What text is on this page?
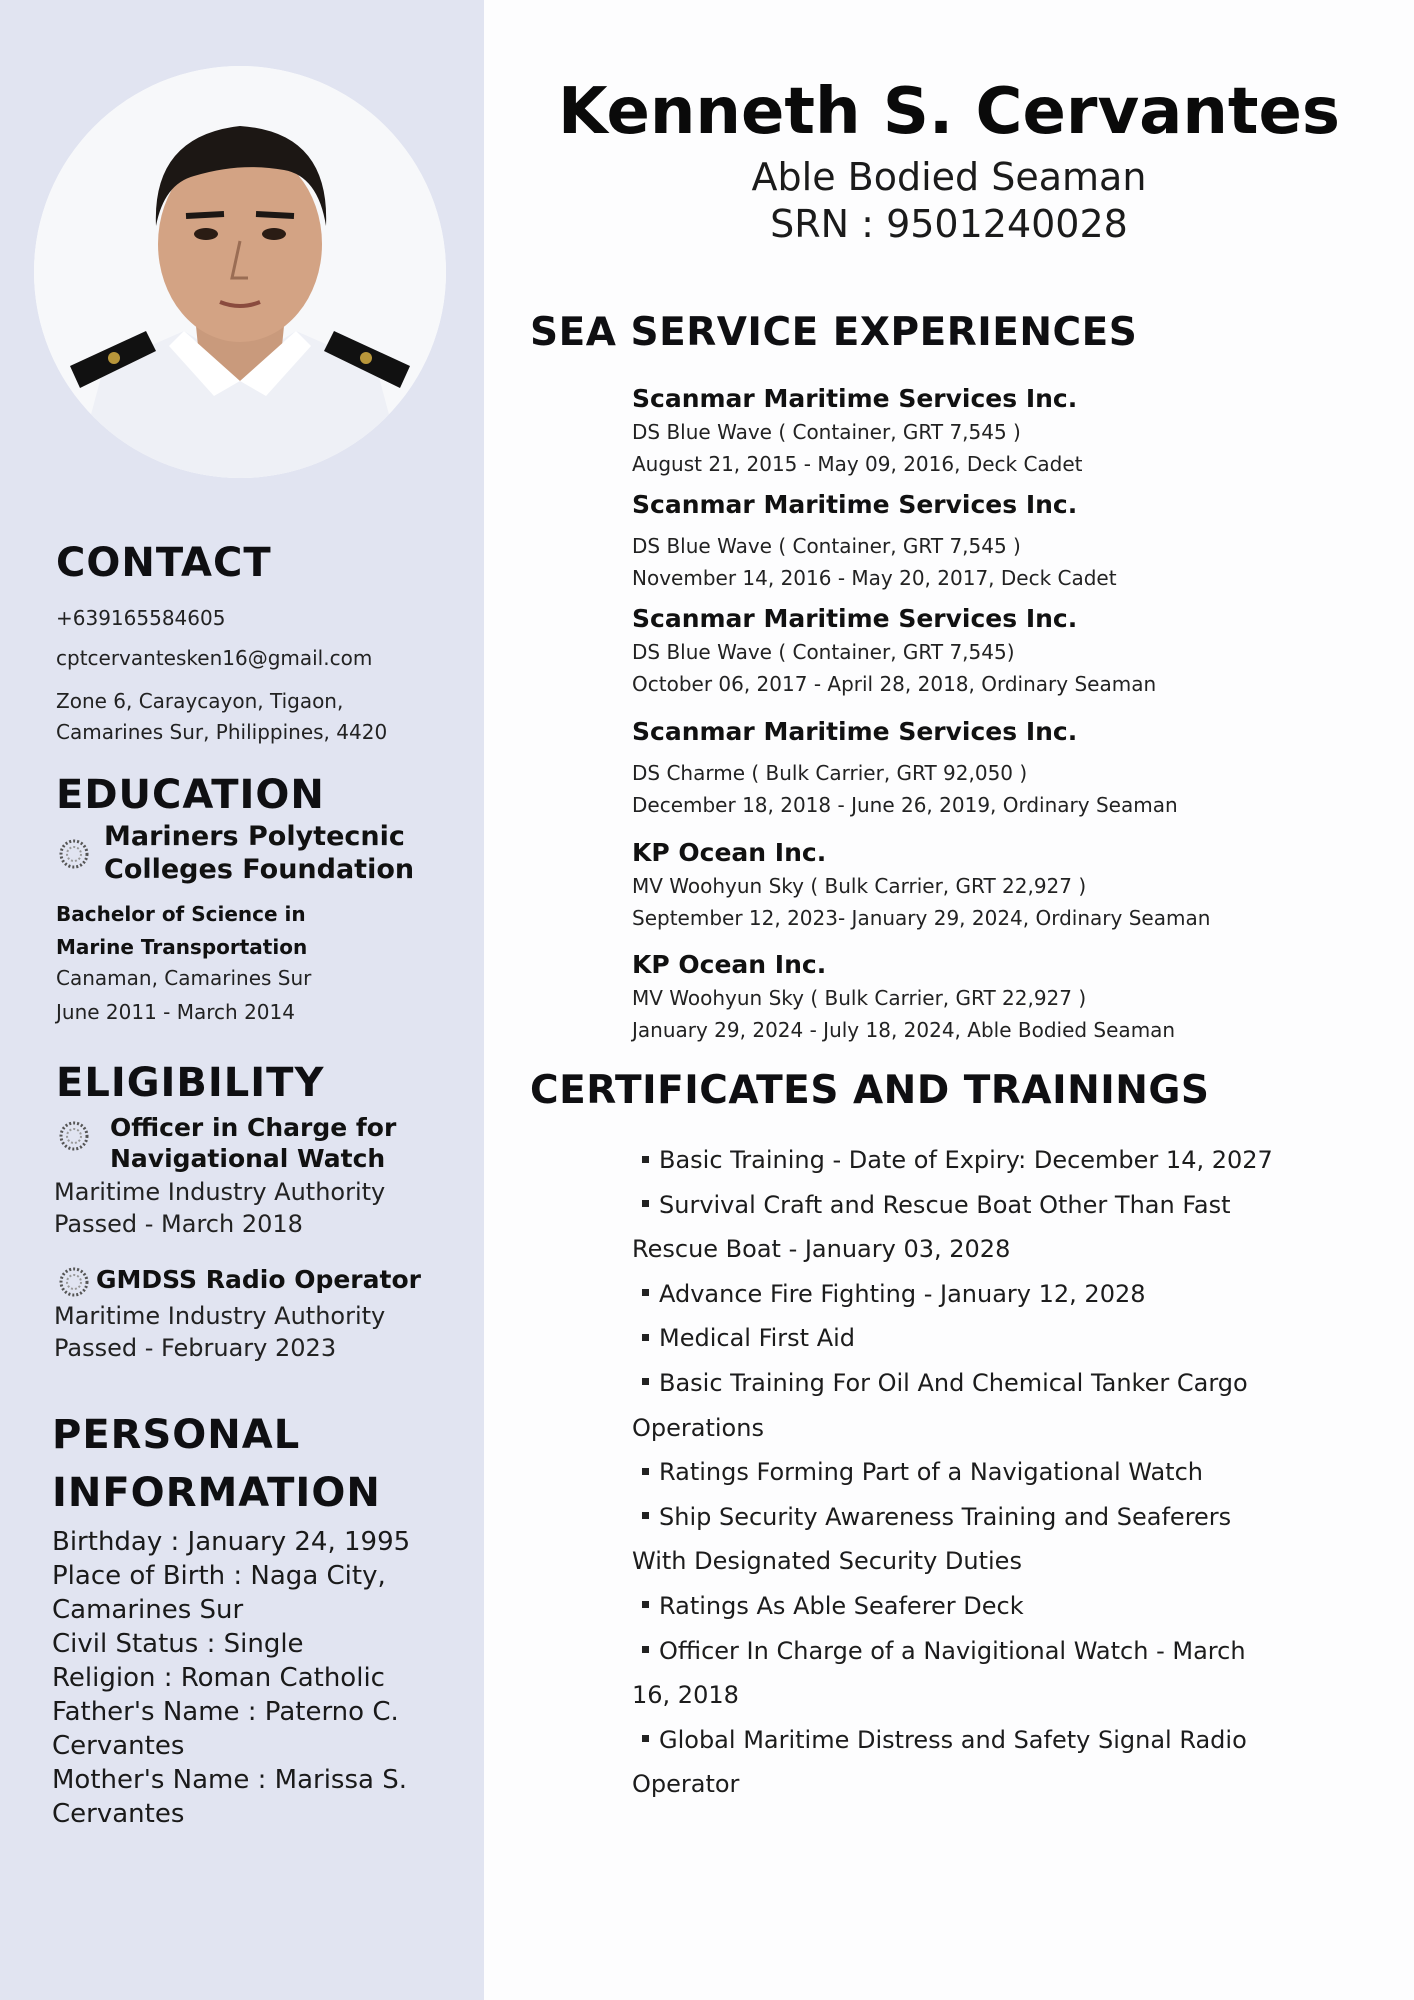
CONTACT
+639165584605
cptcervantesken16@gmail.com
Zone 6, Caraycayon, Tigaon,
Camarines Sur, Philippines, 4420
EDUCATION
Mariners Polytecnic
Colleges Foundation
Bachelor of Science in
Marine Transportation
Canaman, Camarines Sur
June 2011 - March 2014
ELIGIBILITY
Officer in Charge for
Navigational Watch
Maritime Industry Authority
Passed - March 2018
GMDSS Radio Operator
Maritime Industry Authority
Passed - February 2023
PERSONAL
INFORMATION
Birthday : January 24, 1995
Place of Birth : Naga City,
Camarines Sur
Civil Status : Single
Religion : Roman Catholic
Father's Name : Paterno C.
Cervantes
Mother's Name : Marissa S.
Cervantes
Kenneth S. Cervantes
Able Bodied Seaman
SRN : 9501240028
SEA SERVICE EXPERIENCES
Scanmar Maritime Services Inc.
DS Blue Wave ( Container, GRT 7,545 )
August 21, 2015 - May 09, 2016, Deck Cadet
Scanmar Maritime Services Inc.
DS Blue Wave ( Container, GRT 7,545 )
November 14, 2016 - May 20, 2017, Deck Cadet
Scanmar Maritime Services Inc.
DS Blue Wave ( Container, GRT 7,545)
October 06, 2017 - April 28, 2018, Ordinary Seaman
Scanmar Maritime Services Inc.
DS Charme ( Bulk Carrier, GRT 92,050 )
December 18, 2018 - June 26, 2019, Ordinary Seaman
KP Ocean Inc.
MV Woohyun Sky ( Bulk Carrier, GRT 22,927 )
September 12, 2023- January 29, 2024, Ordinary Seaman
KP Ocean Inc.
MV Woohyun Sky ( Bulk Carrier, GRT 22,927 )
January 29, 2024 - July 18, 2024, Able Bodied Seaman
CERTIFICATES AND TRAININGS
Basic Training - Date of Expiry: December 14, 2027
Survival Craft and Rescue Boat Other Than Fast
Rescue Boat - January 03, 2028
Advance Fire Fighting - January 12, 2028
Medical First Aid
Basic Training For Oil And Chemical Tanker Cargo
Operations
Ratings Forming Part of a Navigational Watch
Ship Security Awareness Training and Seaferers
With Designated Security Duties
Ratings As Able Seaferer Deck
Officer In Charge of a Navigitional Watch - March
16, 2018
Global Maritime Distress and Safety Signal Radio
Operator
